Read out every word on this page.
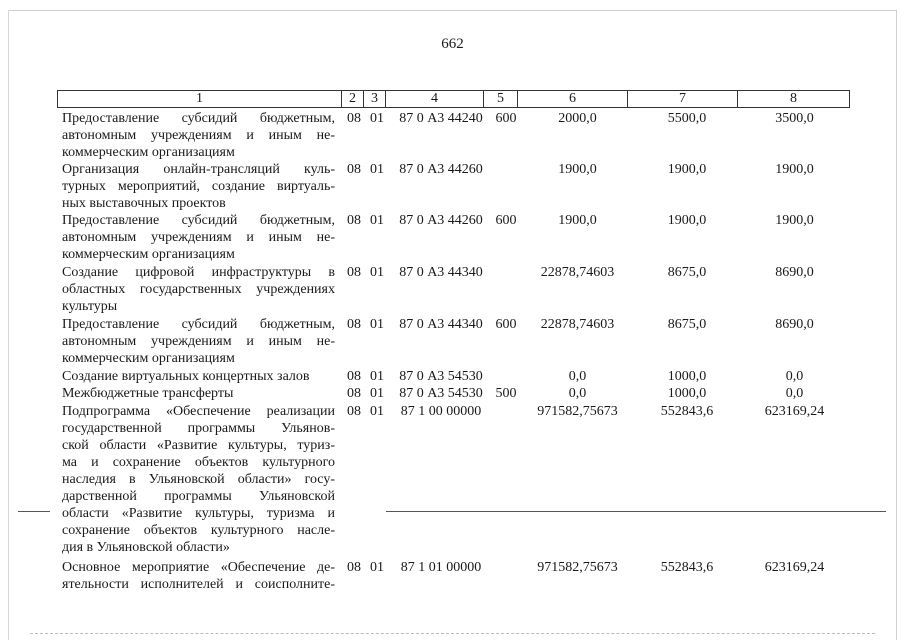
662
1	2	3	4	5	6	7	8
Предоставление субсидий бюджетным,
автономным учреждениям и иным не-
коммерческим организациям
08 01	87 0 А3 44240 600	2000,0	5500,0	3500,0
Организация онлайн-трансляций куль-
турных мероприятий, создание виртуаль-
ных выставочных проектов
08 01	87 0 А3 44260	1900,0	1900,0	1900,0
Предоставление субсидий бюджетным,
автономным учреждениям и иным не-
коммерческим организациям
08 01	87 0 А3 44260 600	1900,0	1900,0	1900,0
Создание цифровой инфраструктуры в
областных государственных учреждениях
культуры
08 01	87 0 А3 44340	22878,74603	8675,0	8690,0
Предоставление субсидий бюджетным,
автономным учреждениям и иным не-
коммерческим организациям
08 01	87 0 А3 44340 600	22878,74603	8675,0	8690,0
Создание виртуальных концертных залов	08 01	87 0 А3 54530	0,0	1000,0	0,0
Межбюджетные трансферты	08 01	87 0 А3 54530 500	0,0	1000,0	0,0
Подпрограмма «Обеспечение реализации
государственной программы Ульянов-
ской области «Развитие культуры, туриз-
ма и сохранение объектов культурного
наследия в Ульяновской области» госу-
дарственной программы Ульяновской
области «Развитие культуры, туризма и
сохранение объектов культурного насле-
дия в Ульяновской области»
08 01	87 1 00 00000	971582,75673	552843,6	623169,24
Основное мероприятие «Обеспечение де-
ятельности исполнителей и соисполните-
08 01	87 1 01 00000	971582,75673	552843,6	623169,24
